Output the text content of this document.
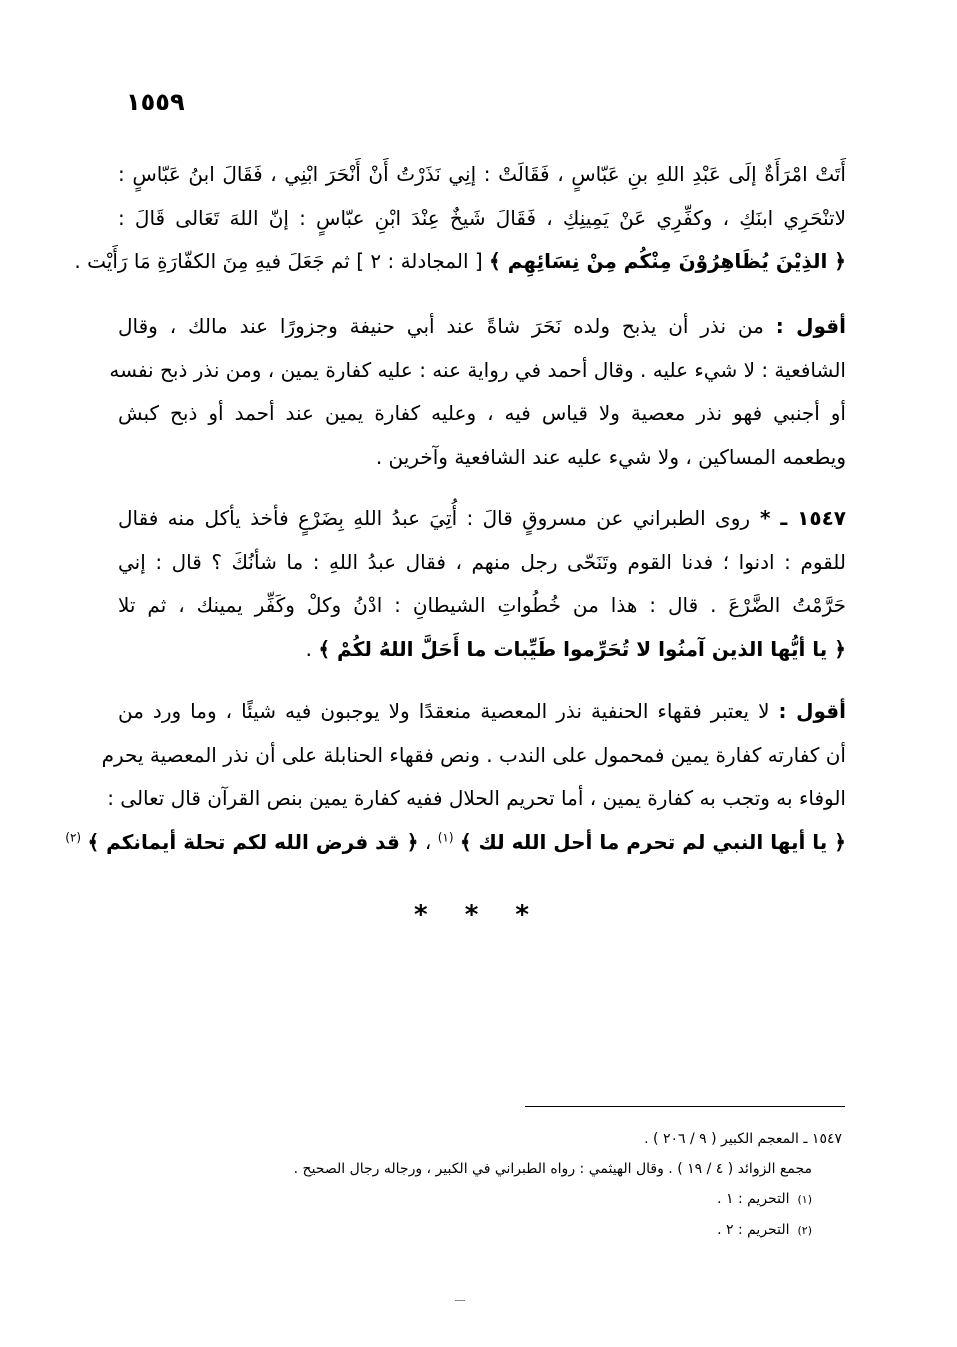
١٥٥٩
أَتَتْ امْرَأَةٌ إلَى عَبْدِ اللهِ بنِ عَبّاسٍ ، فَقَالَتْ : إنِي نَذَرْتُ أَنْ أَنْحَرَ ابْنِي ، فَقَالَ ابنُ عَبّاسٍ :
لاتنْحَرِي ابنَكِ ، وكفِّرِي عَنْ يَمِينِكِ ، فَقَالَ شَيخٌ عِنْدَ ابْنِ عبّاسٍ : إنّ اللهَ تَعَالى قَالَ :
﴿ الذِيْنَ يُظَاهِرُوْنَ مِنْكُم مِنْ نِسَائِهِم ﴾ [ المجادلة : ٢ ] ثم جَعَلَ فيهِ مِنَ الكفّارَةِ مَا رَأَيْت .
أقول : من نذر أن يذبح ولده نَحَرَ شاةً عند أبي حنيفة وجزورًا عند مالك ، وقال
الشافعية : لا شيء عليه . وقال أحمد في رواية عنه : عليه كفارة يمين ، ومن نذر ذبح نفسه
أو أجنبي فهو نذر معصية ولا قياس فيه ، وعليه كفارة يمين عند أحمد أو ذبح كبش
ويطعمه المساكين ، ولا شيء عليه عند الشافعية وآخرين .
١٥٤٧ ـ * روى الطبراني عن مسروقٍ قالَ : أُتِيَ عبدُ اللهِ بِضَرْعٍ فأخذ يأكل منه فقال
للقوم : ادنوا ؛ فدنا القوم وتَنَحّى رجل منهم ، فقال عبدُ اللهِ : ما شأنُكَ ؟ قال : إني
حَرَّمْتُ الضَّرْعَ . قال : هذا من خُطُواتِ الشيطانِ : ادْنُ وكلْ وكَفِّر يمينك ، ثم تلا
﴿ يا أيُّها الذين آمنُوا لا تُحَرِّموا طَيِّبات ما أَحَلَّ اللهُ لكُمْ ﴾ .
أقول : لا يعتبر فقهاء الحنفية نذر المعصية منعقدًا ولا يوجبون فيه شيئًا ، وما ورد من
أن كفارته كفارة يمين فمحمول على الندب . ونص فقهاء الحنابلة على أن نذر المعصية يحرم
الوفاء به وتجب به كفارة يمين ، أما تحريم الحلال ففيه كفارة يمين بنص القرآن قال تعالى :
﴿ يا أيها النبي لم تحرم ما أحل الله لك ﴾ $^{(١)}$ ، ﴿ قد فرض الله لكم تحلة أيمانكم ﴾ $^{(٢)}$
* * *
١٥٤٧ ـ المعجم الكبير ( ٩ / ٢٠٦ ) .
مجمع الزوائد ( ٤ / ١٩ ) . وقال الهيثمي : رواه الطبراني في الكبير ، ورجاله رجال الصحيح .
(١)التحريم : ١ .
(٢)التحريم : ٢ .
